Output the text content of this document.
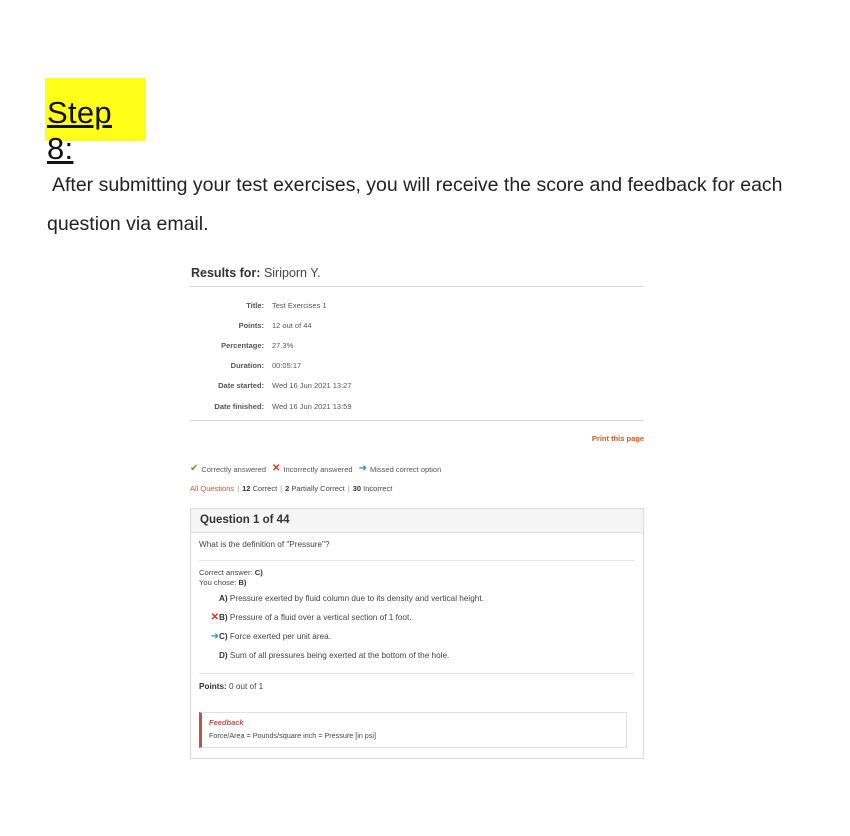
Step 8:
After submitting your test exercises, you will receive the score and feedback for each
question via email.
Results for: Siriporn Y.
Title:	Test Exercises 1
Points:	12 out of 44
Percentage:	27.3%
Duration:	00:05:17
Date started:	Wed 16 Jun 2021 13:27
Date finished:	Wed 16 Jun 2021 13:59
Print this page
✔ Correctly answered ✕ Incorrectly answered ➜ Missed correct option
All Questions | 12 Correct | 2 Partially Correct | 30 Incorrect
Question 1 of 44
What is the definition of "Pressure"?
Correct answer: C)
You chose: B)
A) Pressure exerted by fluid column due to its density and vertical height.
✕ B) Pressure of a fluid over a vertical section of 1 foot.
➜ C) Force exerted per unit area.
D) Sum of all pressures being exerted at the bottom of the hole.
Points: 0 out of 1
Feedback
Force/Area = Pounds/square inch = Pressure [in psi]
